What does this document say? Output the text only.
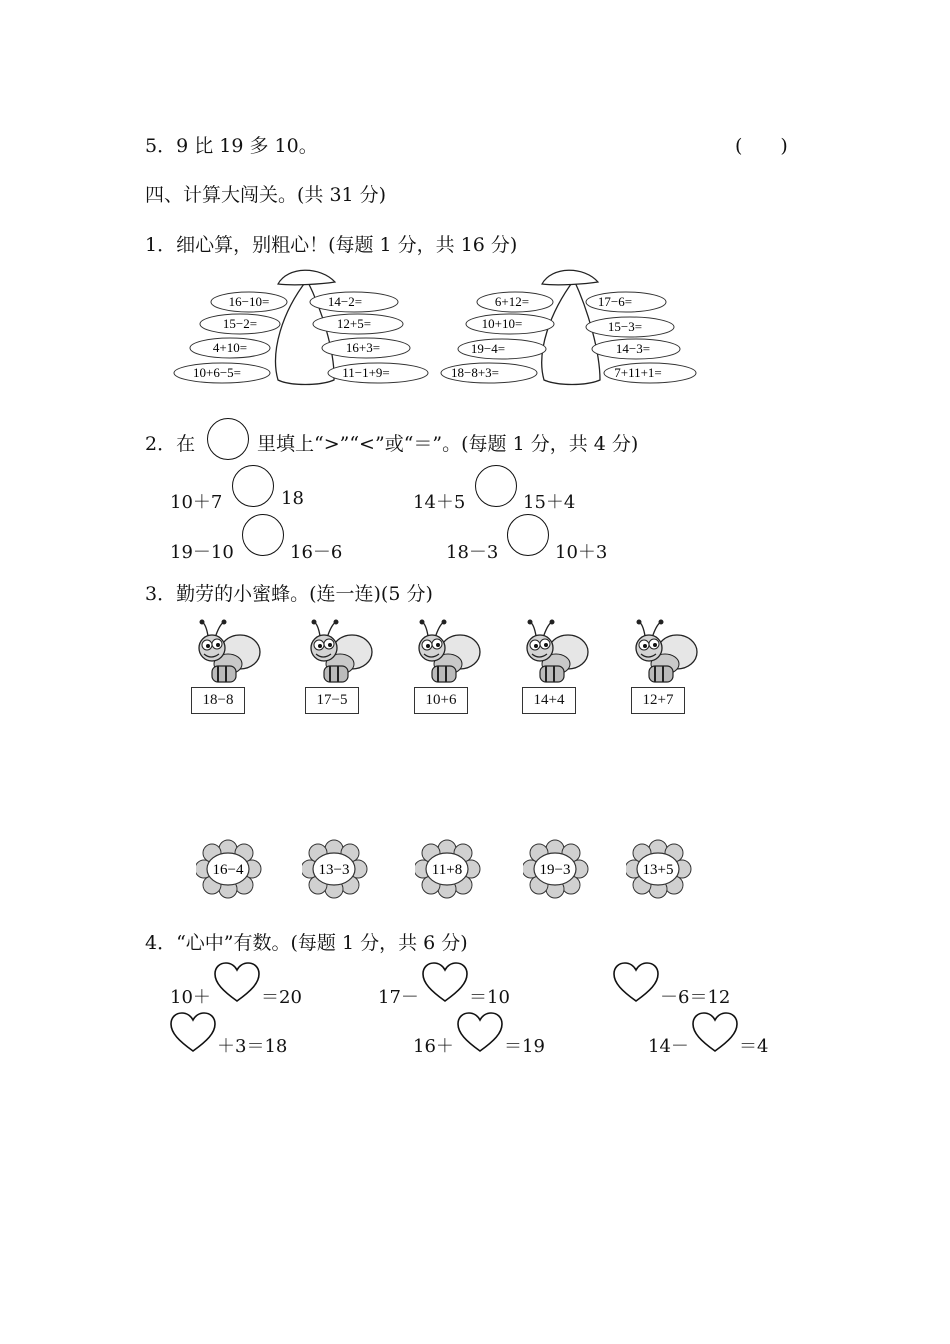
5．9 比 19 多 10。	(　　)
四、计算大闯关。(共 31 分)
1．细心算，别粗心！(每题 1 分，共 16 分)
16−10=	14−2=
15−2=	12+5=
4+10=	16+3=
10+6−5=	11−1+9=
6+12=	17−6=
10+10=	15−3=
19−4=	14−3=
18−8+3=	7+11+1=
2．在	里填上“>”“<”或“＝”。(每题 1 分，共 4 分)
10＋7	18	14＋5	15＋4
19－10	16－6	18－3	10＋3
3．勤劳的小蜜蜂。(连一连)(5 分)
18−8	17−5	10+6	14+4	12+7
16−4	13−3	11+8	19−3	13+5
4．“心中”有数。(每题 1 分，共 6 分)
10＋	＝20	17－	＝10	－6＝12
＋3＝18	16＋	＝19	14－	＝4
